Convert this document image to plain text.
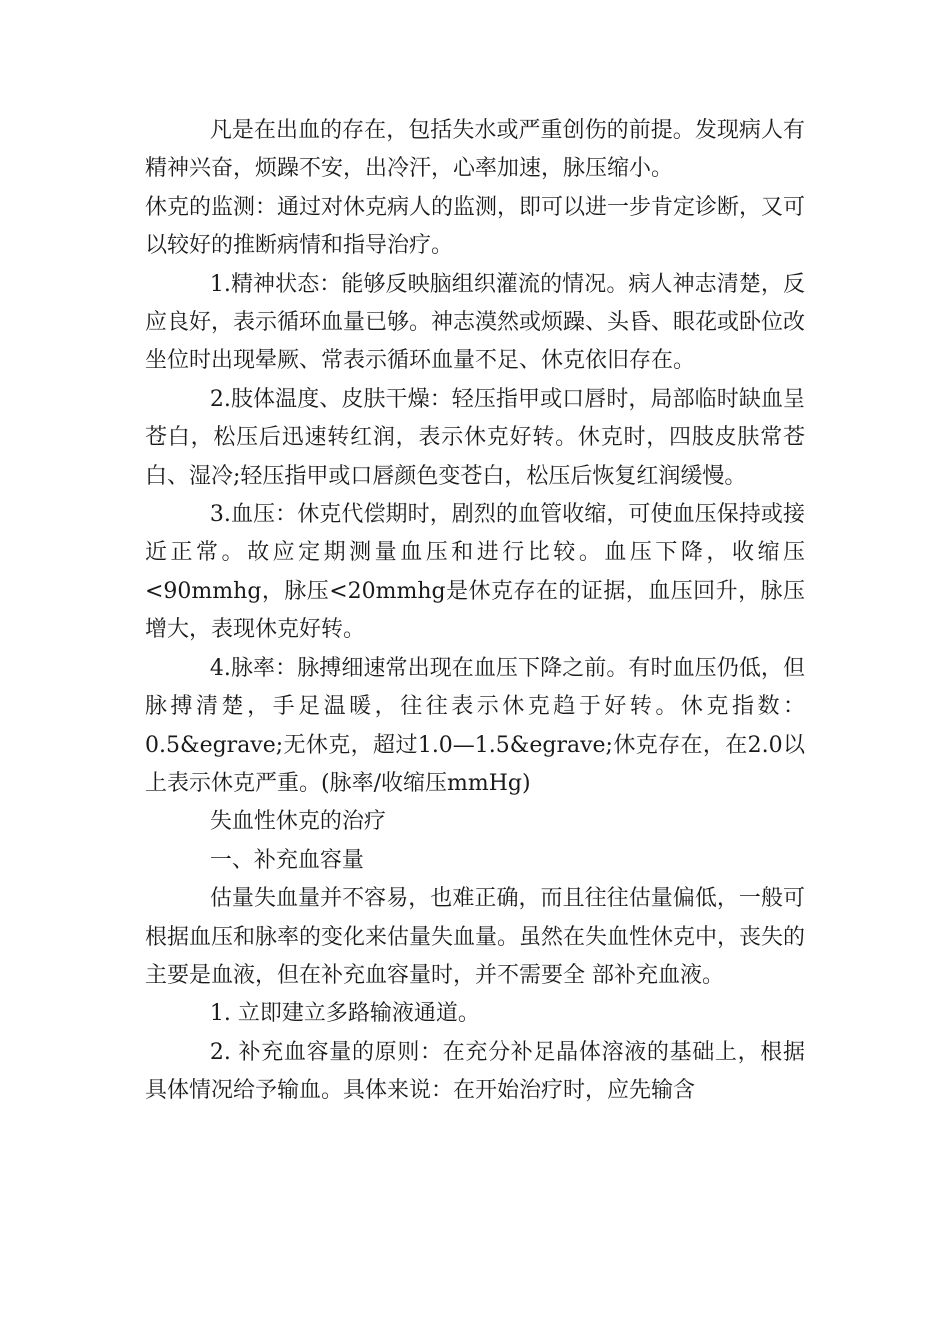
凡是在出血的存在，包括失水或严重创伤的前提。发现病人有精神兴奋，烦躁不安，出冷汗，心率加速，脉压缩小。

休克的监测：通过对休克病人的监测，即可以进一步肯定诊断，又可以较好的推断病情和指导治疗。

1.精神状态：能够反映脑组织灌流的情况。病人神志清楚，反应良好，表示循环血量已够。神志漠然或烦躁、头昏、眼花或卧位改坐位时出现晕厥、常表示循环血量不足、休克依旧存在。

2.肢体温度、皮肤干燥：轻压指甲或口唇时，局部临时缺血呈苍白，松压后迅速转红润，表示休克好转。休克时，四肢皮肤常苍白、湿冷;轻压指甲或口唇颜色变苍白，松压后恢复红润缓慢。

3.血压：休克代偿期时，剧烈的血管收缩，可使血压保持或接近正常。故应定期测量血压和进行比较。血压下降，收缩压<90mmhg，脉压<20mmhg是休克存在的证据，血压回升，脉压增大，表现休克好转。

4.脉率：脉搏细速常出现在血压下降之前。有时血压仍低，但脉搏清楚，手足温暖，往往表示休克趋于好转。休克指数：0.5&egrave;无休克，超过1.0—1.5&egrave;休克存在，在2.0以上表示休克严重。(脉率/收缩压mmHg)

失血性休克的治疗

一、补充血容量

估量失血量并不容易，也难正确，而且往往估量偏低，一般可根据血压和脉率的变化来估量失血量。虽然在失血性休克中，丧失的主要是血液，但在补充血容量时，并不需要全 部补充血液。

1. 立即建立多路输液通道。

2. 补充血容量的原则：在充分补足晶体溶液的基础上，根据具体情况给予输血。具体来说：在开始治疗时，应先输含
